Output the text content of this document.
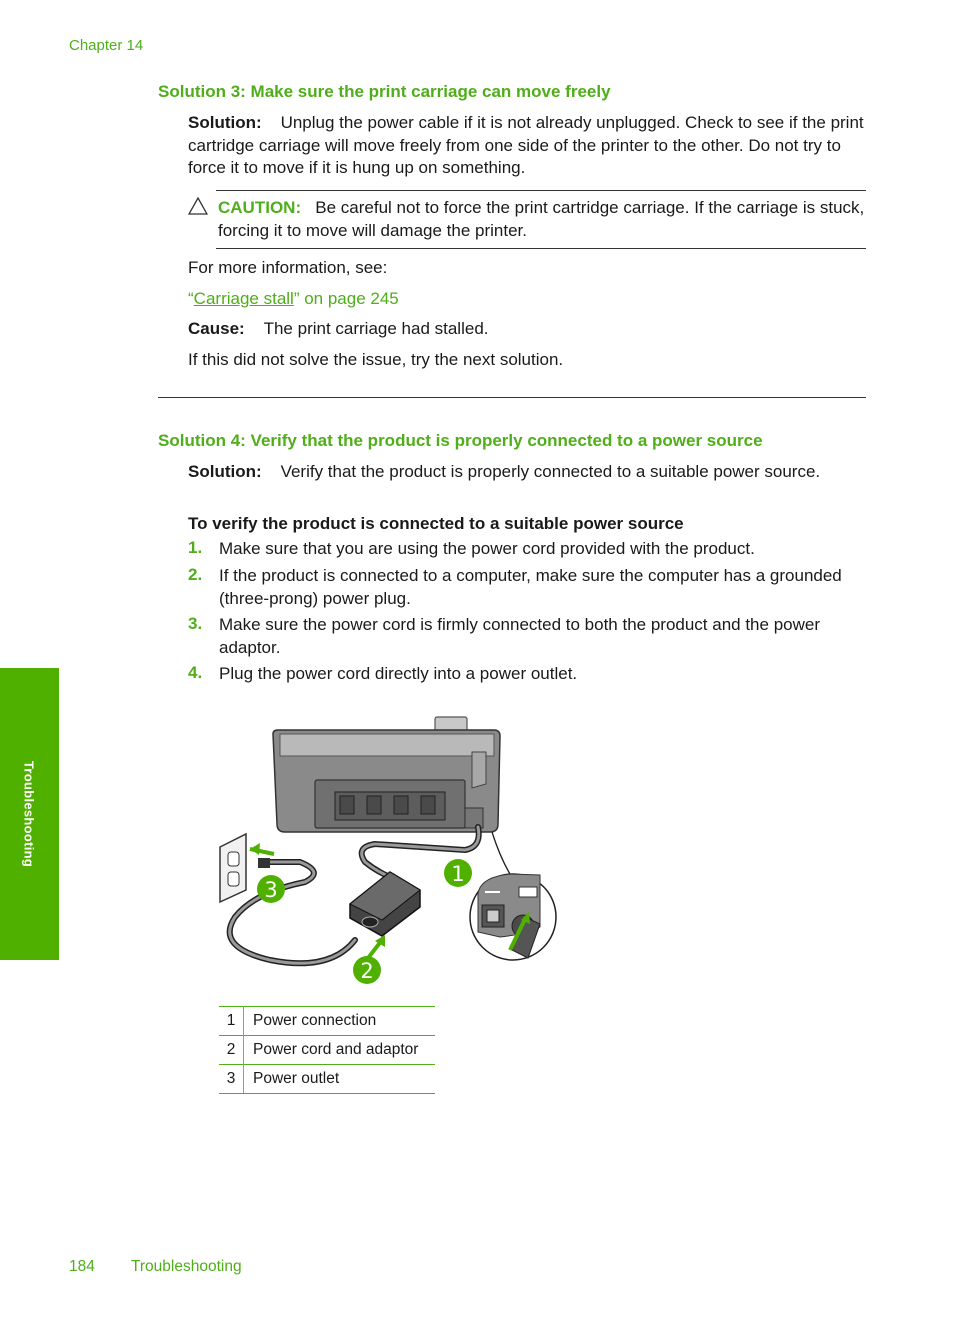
Chapter 14
Solution 3: Make sure the print carriage can move freely

Solution: Unplug the power cable if it is not already unplugged. Check to see if the print cartridge carriage will move freely from one side of the printer to the other. Do not try to force it to move if it is hung up on something.

CAUTION: Be careful not to force the print cartridge carriage. If the carriage is stuck, forcing it to move will damage the printer.

For more information, see:

“Carriage stall” on page 245

Cause: The print carriage had stalled.

If this did not solve the issue, try the next solution.

Solution 4: Verify that the product is properly connected to a power source

Solution: Verify that the product is properly connected to a suitable power source.

To verify the product is connected to a suitable power source

1. Make sure that you are using the power cord provided with the product.
2. If the product is connected to a computer, make sure the computer has a grounded (three-prong) power plug.
3. Make sure the power cord is firmly connected to both the product and the power adaptor.
4. Plug the power cord directly into a power outlet.
3
1
2
1	Power connection
2	Power cord and adaptor
3	Power outlet
Troubleshooting
184 Troubleshooting
